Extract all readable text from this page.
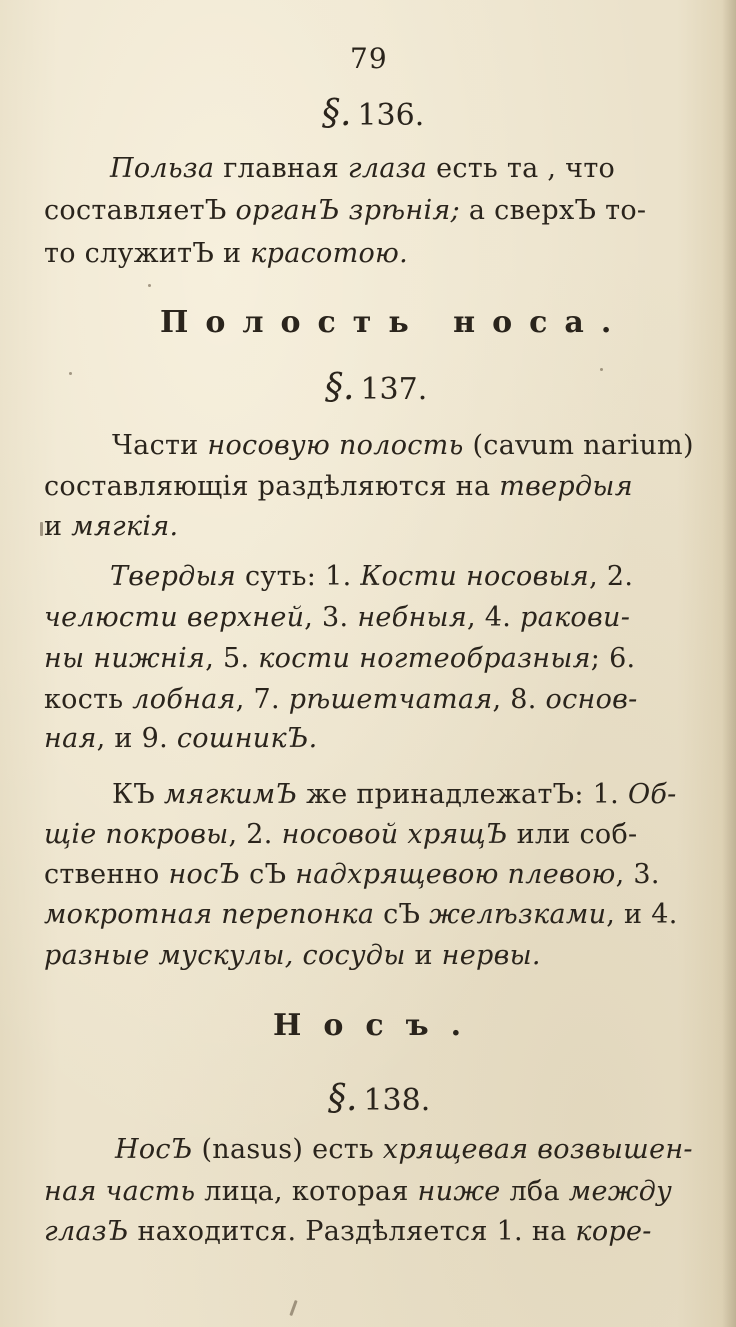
79
§. 136.
Польза главная глаза есть та , что
составляетЪ органЪ зрѣнія; а сверхЪ то-
то служитЪ и красотою.
Полость носа.
§. 137.
Части носовую полость (cavum narium)
составляющія раздѣляются на твердыя
и мягкія.
Твердыя суть: 1. Кости носовыя, 2.
челюсти верхней, 3. небныя, 4. ракови-
ны нижнія, 5. кости ногтеобразныя; 6.
кость лобная, 7. рѣшетчатая, 8. основ-
ная, и 9. сошникЪ.
КЪ мягкимЪ же принадлежатЪ: 1. Об-
щіе покровы, 2. носовой хрящЪ или соб-
ственно носЪ сЪ надхрящевою плевою, 3.
мокротная перепонка сЪ желѣзками, и 4.
разные мускулы, сосуды и нервы.
Носъ.
§. 138.
НосЪ (nasus) есть хрящевая возвышен-
ная часть лица, которая ниже лба между
глазЪ находится. Раздѣляется 1. на коре-
